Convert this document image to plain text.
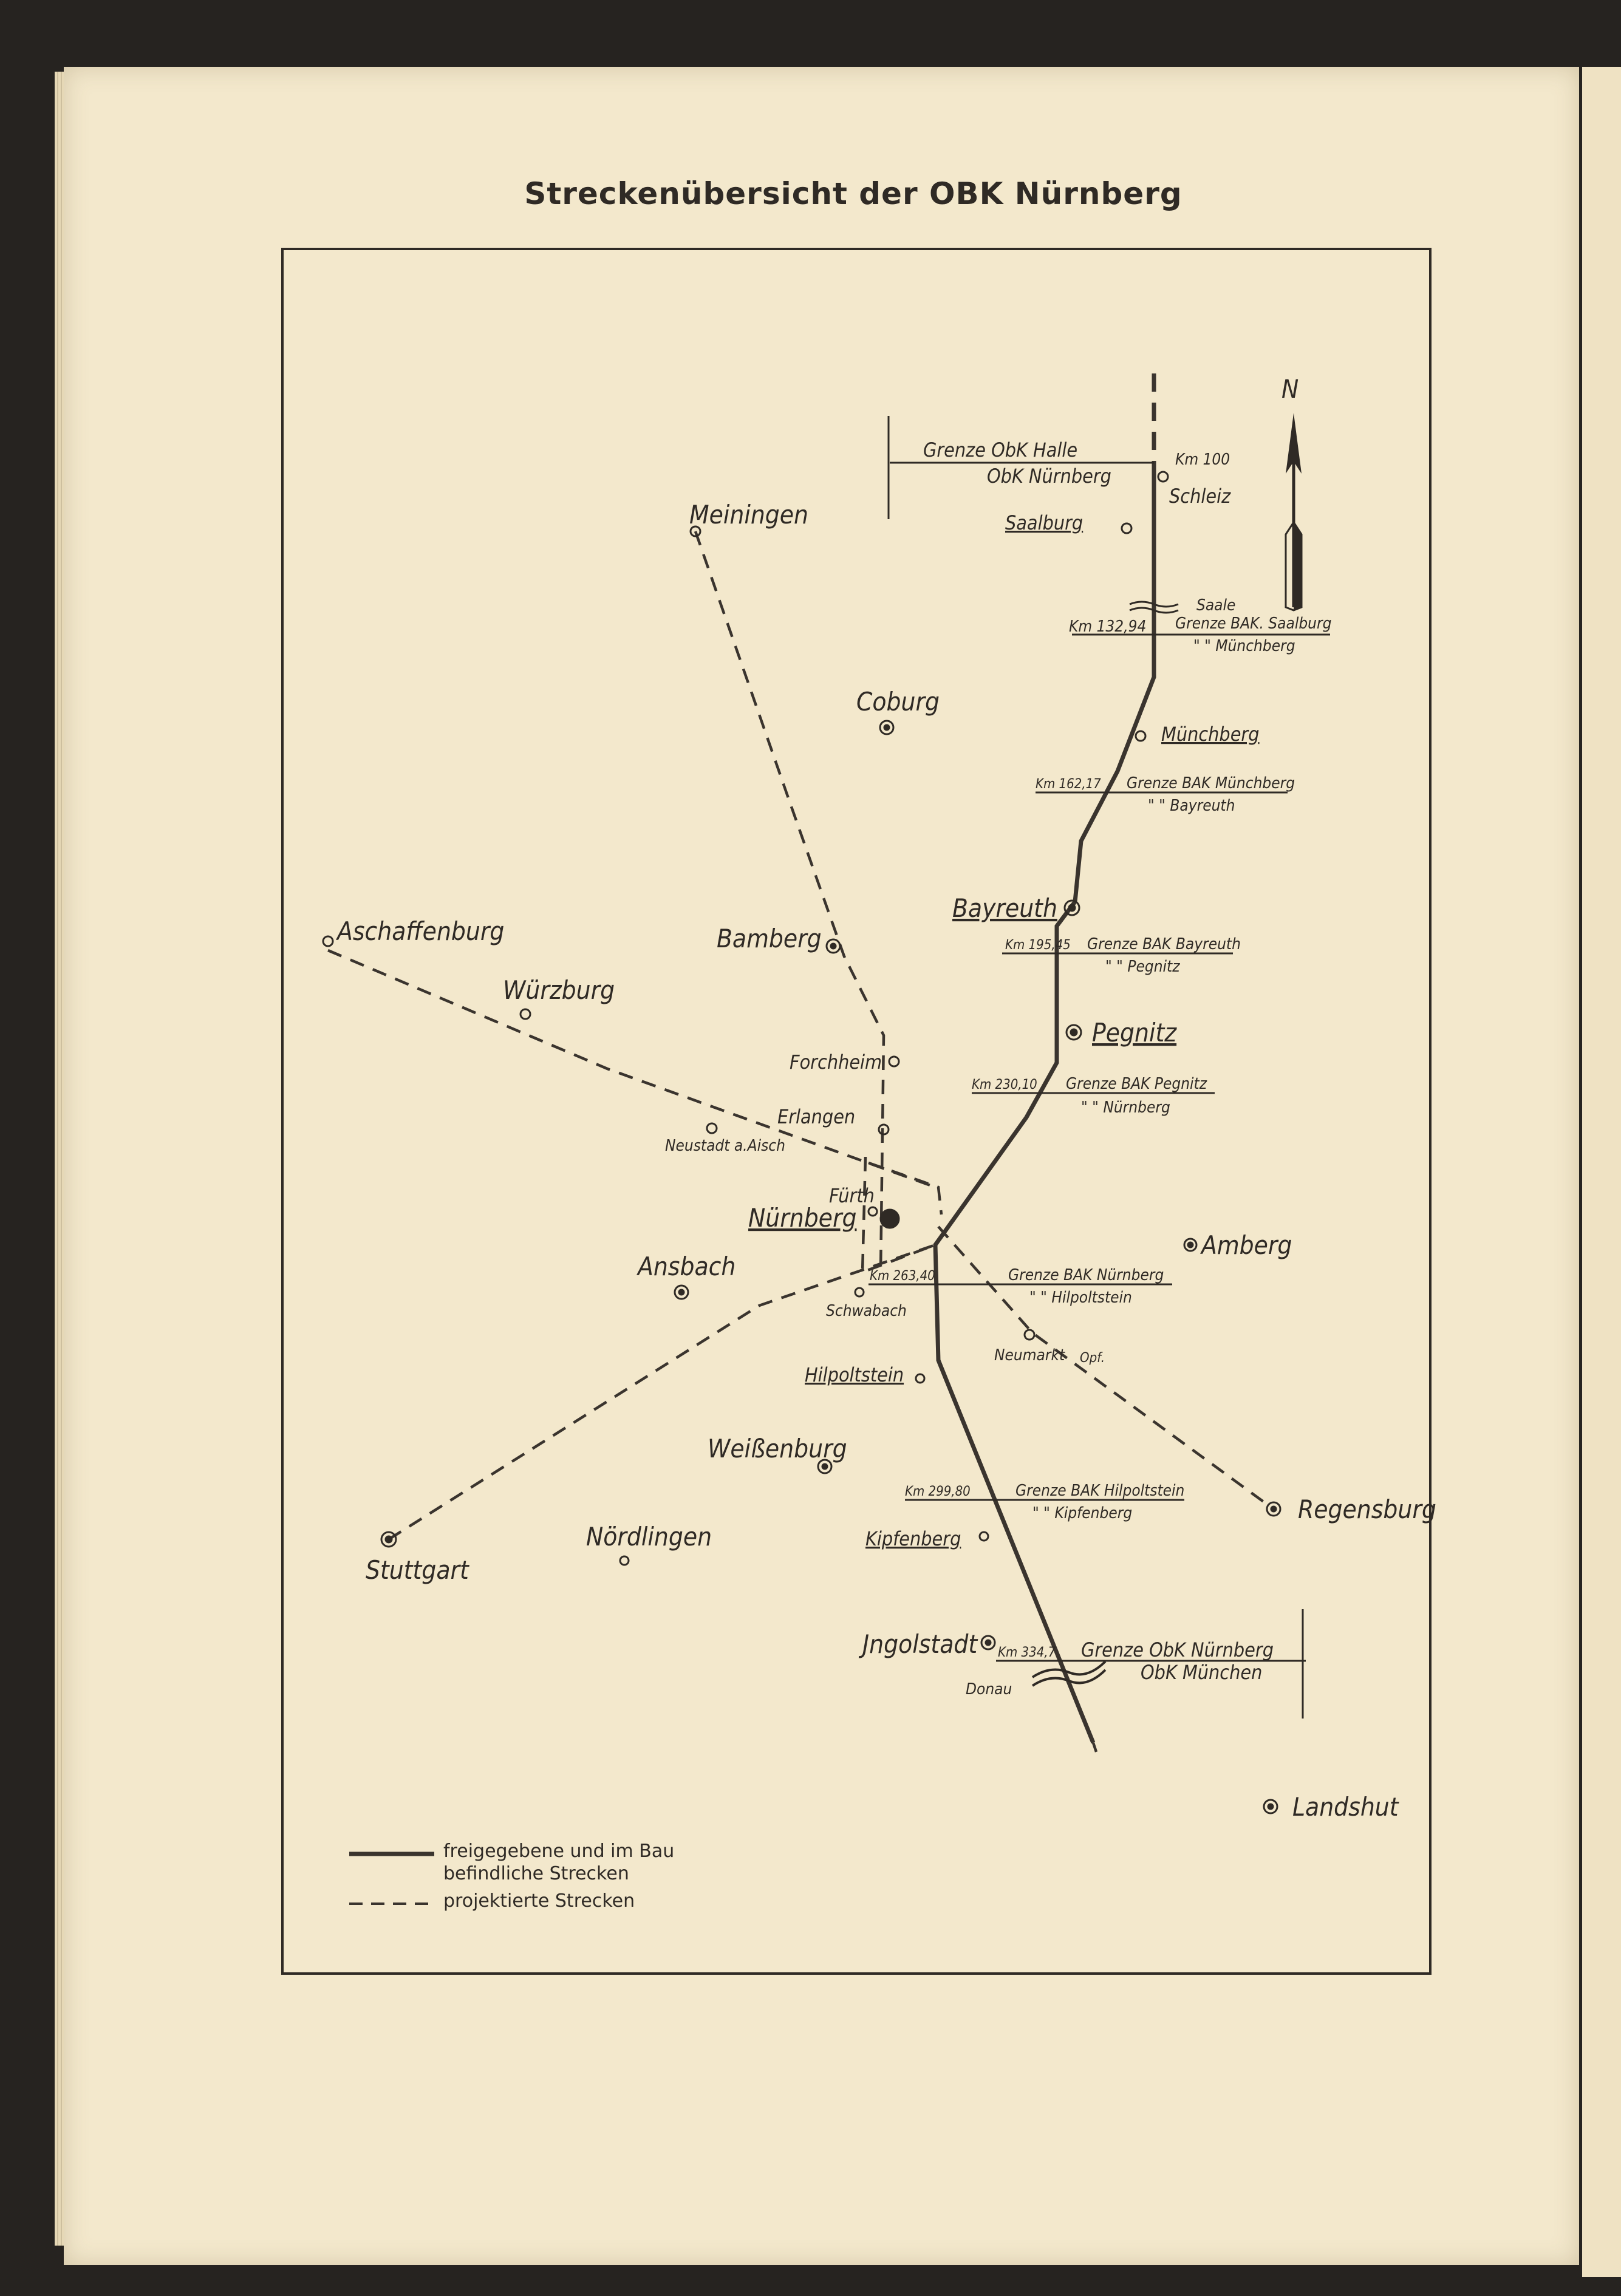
Streckenübersicht der OBK Nürnberg
Meiningen
Coburg
Schleiz
Saalburg
Münchberg
Bayreuth
Pegnitz
Aschaffenburg
Würzburg
Bamberg
Forchheim
Erlangen
Neustadt a.Aisch
Fürth
Nürnberg
Amberg
Ansbach
Schwabach
Neumarkt Opf.
Hilpoltstein
Weißenburg
Regensburg
Stuttgart
Nördlingen	Kipfenberg
Jngolstadt
Landshut
Saale
Donau
N
Km 100
Grenze ObK Halle
ObK Nürnberg
Km 132,94 Grenze BAK. Saalburg
" " Münchberg
Km 162,17 Grenze BAK Münchberg
" " Bayreuth
Km 195,45 Grenze BAK Bayreuth
" " Pegnitz
Km 230,10 Grenze BAK Pegnitz
" " Nürnberg
Km 263,40	Grenze BAK Nürnberg
" " Hilpoltstein
Km 299,80	Grenze BAK Hilpoltstein
" " Kipfenberg
Km 334,7 Grenze ObK Nürnberg
ObK München
freigegebene und im Bau
befindliche Strecken
projektierte Strecken
